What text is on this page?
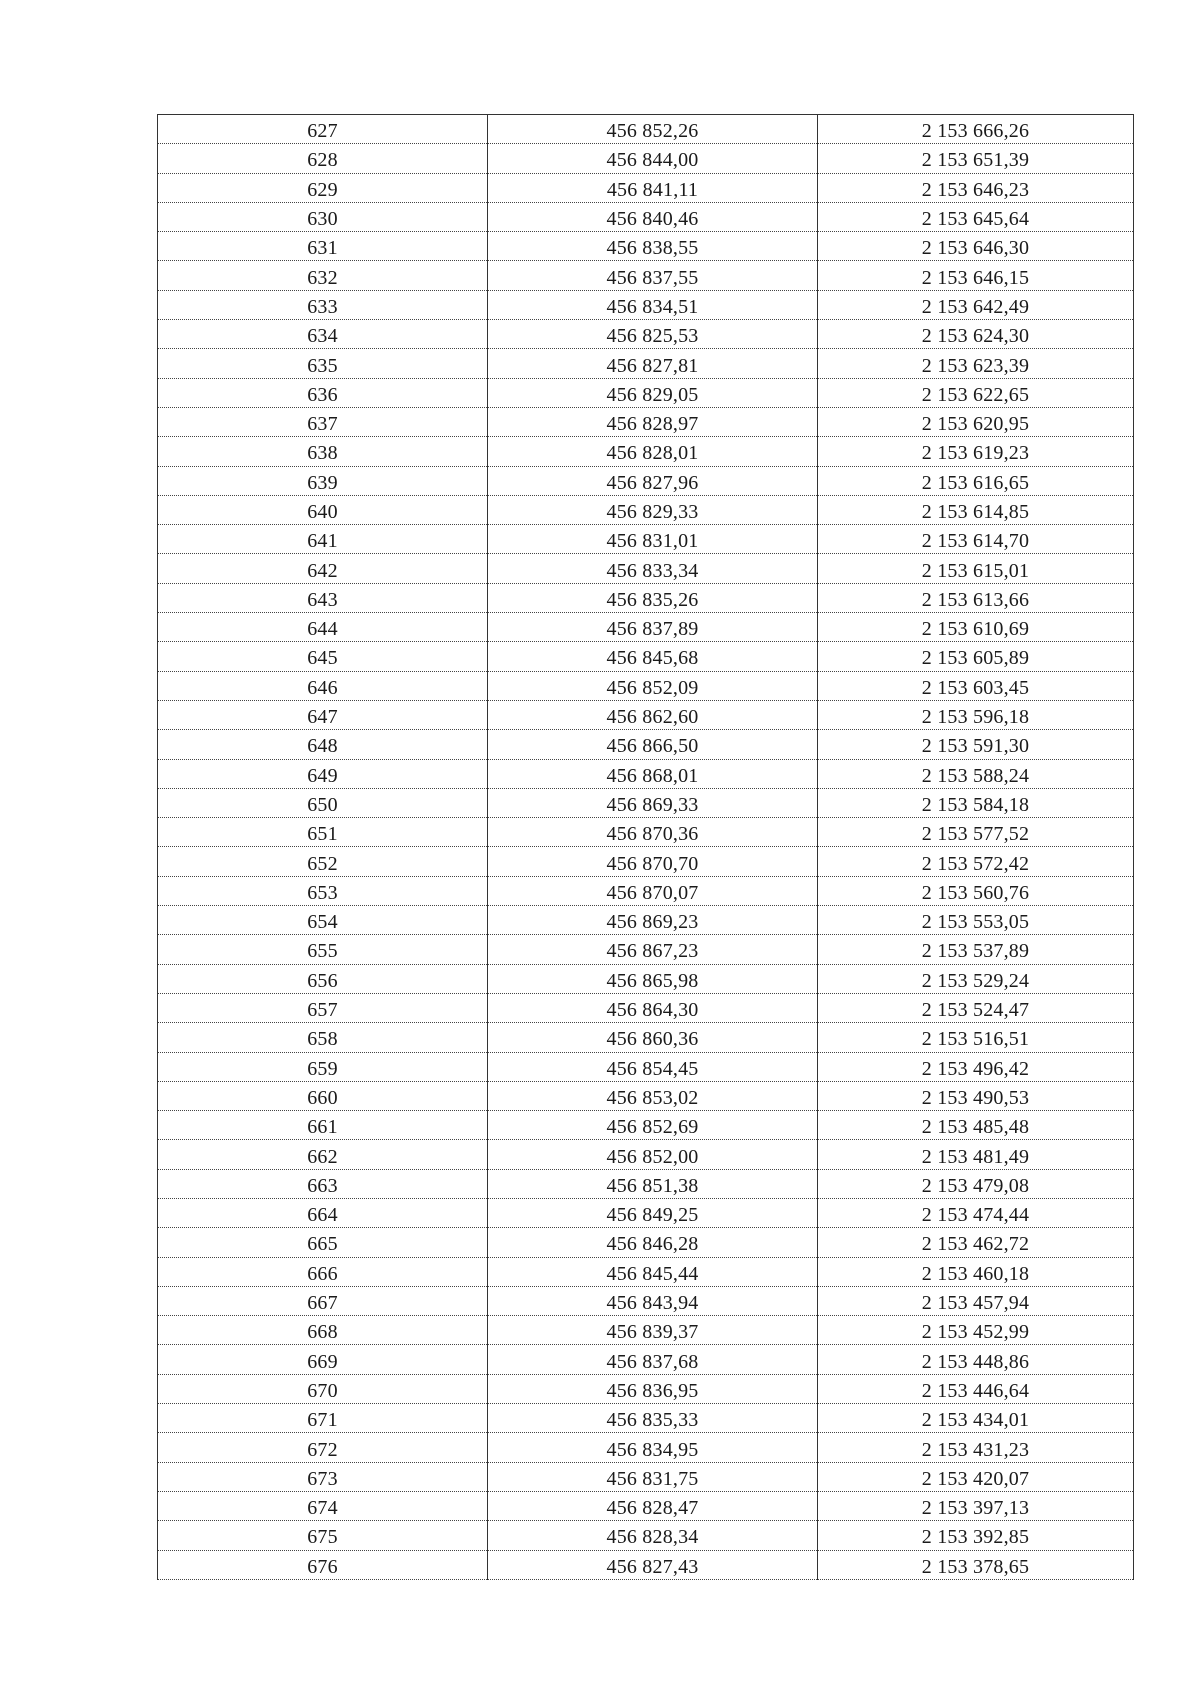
627	456 852,26	2 153 666,26
628	456 844,00	2 153 651,39
629	456 841,11	2 153 646,23
630	456 840,46	2 153 645,64
631	456 838,55	2 153 646,30
632	456 837,55	2 153 646,15
633	456 834,51	2 153 642,49
634	456 825,53	2 153 624,30
635	456 827,81	2 153 623,39
636	456 829,05	2 153 622,65
637	456 828,97	2 153 620,95
638	456 828,01	2 153 619,23
639	456 827,96	2 153 616,65
640	456 829,33	2 153 614,85
641	456 831,01	2 153 614,70
642	456 833,34	2 153 615,01
643	456 835,26	2 153 613,66
644	456 837,89	2 153 610,69
645	456 845,68	2 153 605,89
646	456 852,09	2 153 603,45
647	456 862,60	2 153 596,18
648	456 866,50	2 153 591,30
649	456 868,01	2 153 588,24
650	456 869,33	2 153 584,18
651	456 870,36	2 153 577,52
652	456 870,70	2 153 572,42
653	456 870,07	2 153 560,76
654	456 869,23	2 153 553,05
655	456 867,23	2 153 537,89
656	456 865,98	2 153 529,24
657	456 864,30	2 153 524,47
658	456 860,36	2 153 516,51
659	456 854,45	2 153 496,42
660	456 853,02	2 153 490,53
661	456 852,69	2 153 485,48
662	456 852,00	2 153 481,49
663	456 851,38	2 153 479,08
664	456 849,25	2 153 474,44
665	456 846,28	2 153 462,72
666	456 845,44	2 153 460,18
667	456 843,94	2 153 457,94
668	456 839,37	2 153 452,99
669	456 837,68	2 153 448,86
670	456 836,95	2 153 446,64
671	456 835,33	2 153 434,01
672	456 834,95	2 153 431,23
673	456 831,75	2 153 420,07
674	456 828,47	2 153 397,13
675	456 828,34	2 153 392,85
676	456 827,43	2 153 378,65
